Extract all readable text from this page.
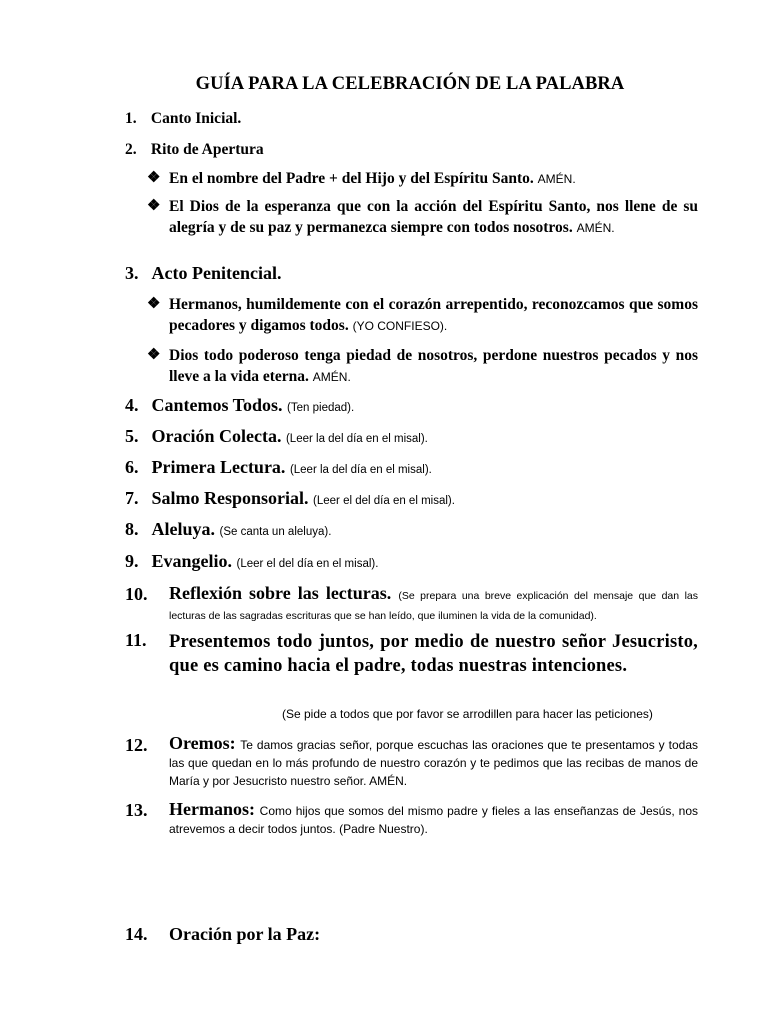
GUÍA PARA LA CELEBRACIÓN DE LA PALABRA
1. Canto Inicial.
2. Rito de Apertura
❖ En el nombre del Padre + del Hijo y del Espíritu Santo. AMÉN.
❖ El Dios de la esperanza que con la acción del Espíritu Santo, nos llene de su alegría y de su paz y permanezca siempre con todos nosotros. AMÉN.
3. Acto Penitencial.
❖ Hermanos, humildemente con el corazón arrepentido, reconozcamos que somos pecadores y digamos todos. (YO CONFIESO).
❖ Dios todo poderoso tenga piedad de nosotros, perdone nuestros pecados y nos lleve a la vida eterna. AMÉN.
4. Cantemos Todos. (Ten piedad).
5. Oración Colecta. (Leer la del día en el misal).
6. Primera Lectura. (Leer la del día en el misal).
7. Salmo Responsorial. (Leer el del día en el misal).
8. Aleluya. (Se canta un aleluya).
9. Evangelio. (Leer el del día en el misal).
10. Reflexión sobre las lecturas. (Se prepara una breve explicación del mensaje que dan las lecturas de las sagradas escrituras que se han leído, que iluminen la vida de la comunidad).
11. Presentemos todo juntos, por medio de nuestro señor Jesucristo, que es camino hacia el padre, todas nuestras intenciones.
(Se pide a todos que por favor se arrodillen para hacer las peticiones)
12. Oremos: Te damos gracias señor, porque escuchas las oraciones que te presentamos y todas las que quedan en lo más profundo de nuestro corazón y te pedimos que las recibas de manos de María y por Jesucristo nuestro señor. AMÉN.
13. Hermanos: Como hijos que somos del mismo padre y fieles a las enseñanzas de Jesús, nos atrevemos a decir todos juntos. (Padre Nuestro).
14. Oración por la Paz:
